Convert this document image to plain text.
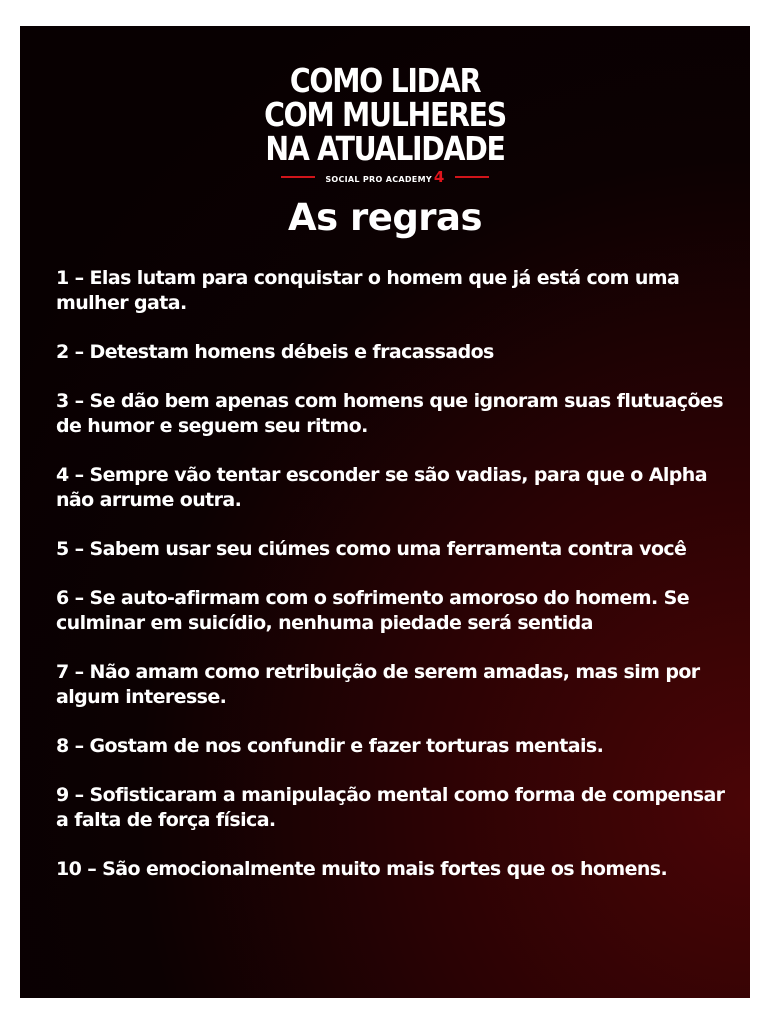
COMO LIDAR
COM MULHERES
NA ATUALIDADE
SOCIAL PRO ACADEMY 4
As regras
1 – Elas lutam para conquistar o homem que já está com uma mulher gata.
2 – Detestam homens débeis e fracassados
3 – Se dão bem apenas com homens que ignoram suas flutuações de humor e seguem seu ritmo.
4 – Sempre vão tentar esconder se são vadias, para que o Alpha não arrume outra.
5 – Sabem usar seu ciúmes como uma ferramenta contra você
6 – Se auto-afirmam com o sofrimento amoroso do homem. Se culminar em suicídio, nenhuma piedade será sentida
7 – Não amam como retribuição de serem amadas, mas sim por algum interesse.
8 – Gostam de nos confundir e fazer torturas mentais.
9 – Sofisticaram a manipulação mental como forma de compensar a falta de força física.
10 – São emocionalmente muito mais fortes que os homens.
